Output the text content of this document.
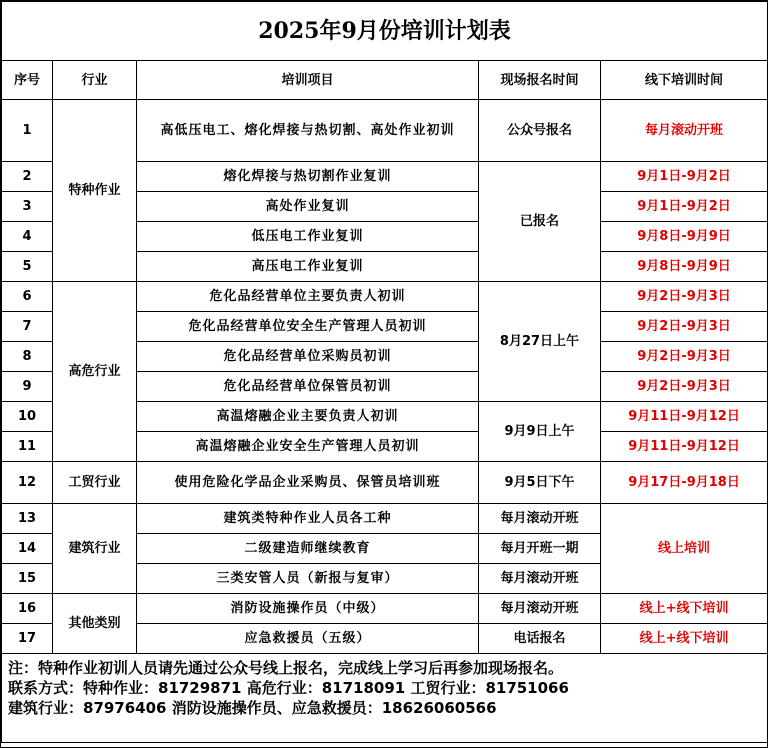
2025年9月份培训计划表				
序号	行业	培训项目	现场报名时间	线下培训时间
1	特种作业	高低压电工、熔化焊接与热切割、高处作业初训	公众号报名	每月滚动开班
2		熔化焊接与热切割作业复训	已报名	9月1日-9月2日
3		高处作业复训		9月1日-9月2日
4		低压电工作业复训		9月8日-9月9日
5		高压电工作业复训		9月8日-9月9日
6	高危行业	危化品经营单位主要负责人初训	8月27日上午	9月2日-9月3日
7		危化品经营单位安全生产管理人员初训		9月2日-9月3日
8		危化品经营单位采购员初训		9月2日-9月3日
9		危化品经营单位保管员初训		9月2日-9月3日
10		高温熔融企业主要负责人初训	9月9日上午	9月11日-9月12日
11		高温熔融企业安全生产管理人员初训		9月11日-9月12日
12	工贸行业	使用危险化学品企业采购员、保管员培训班	9月5日下午	9月17日-9月18日
13	建筑行业	建筑类特种作业人员各工种	每月滚动开班	线上培训
14		二级建造师继续教育	每月开班一期	
15		三类安管人员（新报与复审）	每月滚动开班	
16	其他类别	消防设施操作员（中级）	每月滚动开班	线上+线下培训
17		应急救援员（五级）	电话报名	线上+线下培训

注：特种作业初训人员请先通过公众号线上报名，完成线上学习后再参加现场报名。
联系方式：特种作业：81729871 高危行业：81718091 工贸行业：81751066
建筑行业：87976406 消防设施操作员、应急救援员：18626060566				
